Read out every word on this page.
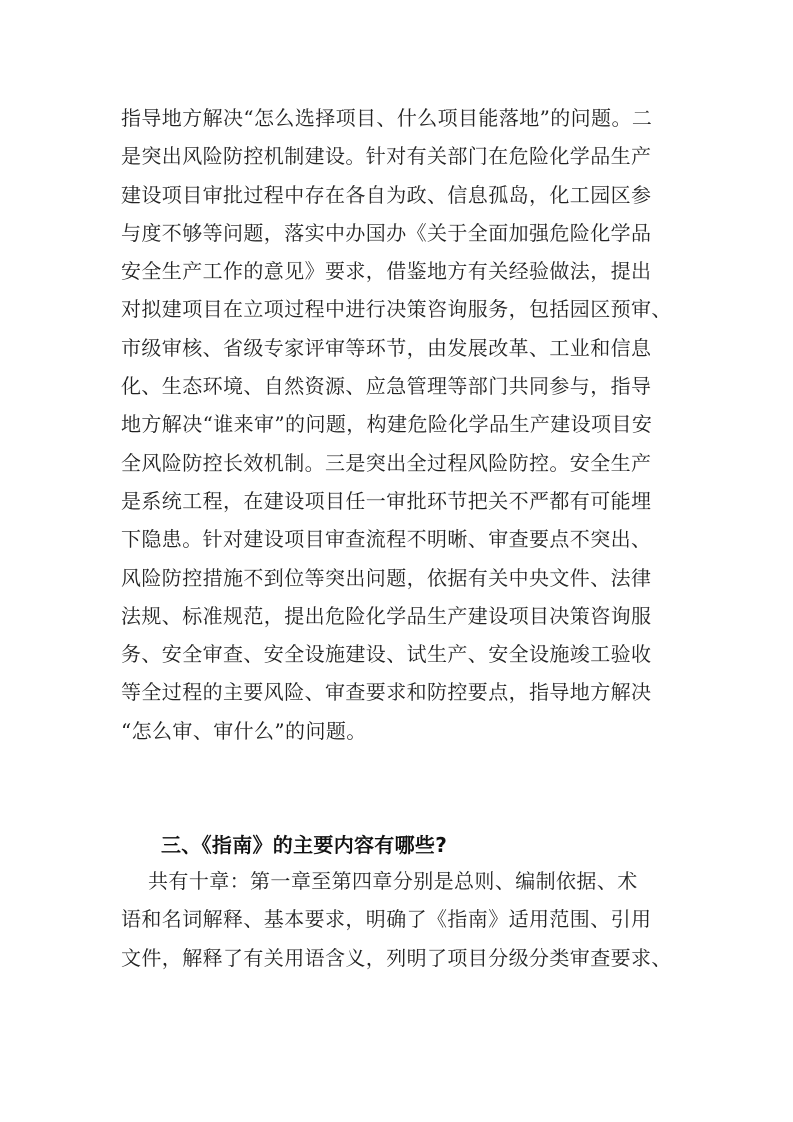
指导地方解决“怎么选择项目、什么项目能落地”的问题。二
是突出风险防控机制建设。针对有关部门在危险化学品生产
建设项目审批过程中存在各自为政、信息孤岛，化工园区参
与度不够等问题，落实中办国办《关于全面加强危险化学品
安全生产工作的意见》要求，借鉴地方有关经验做法，提出
对拟建项目在立项过程中进行决策咨询服务，包括园区预审、
市级审核、省级专家评审等环节，由发展改革、工业和信息
化、生态环境、自然资源、应急管理等部门共同参与，指导
地方解决“谁来审”的问题，构建危险化学品生产建设项目安
全风险防控长效机制。三是突出全过程风险防控。安全生产
是系统工程，在建设项目任一审批环节把关不严都有可能埋
下隐患。针对建设项目审查流程不明晰、审查要点不突出、
风险防控措施不到位等突出问题，依据有关中央文件、法律
法规、标准规范，提出危险化学品生产建设项目决策咨询服
务、安全审查、安全设施建设、试生产、安全设施竣工验收
等全过程的主要风险、审查要求和防控要点，指导地方解决
“怎么审、审什么”的问题。
三、《指南》的主要内容有哪些?
共有十章：第一章至第四章分别是总则、编制依据、术
语和名词解释、基本要求，明确了《指南》适用范围、引用
文件，解释了有关用语含义，列明了项目分级分类审查要求、
